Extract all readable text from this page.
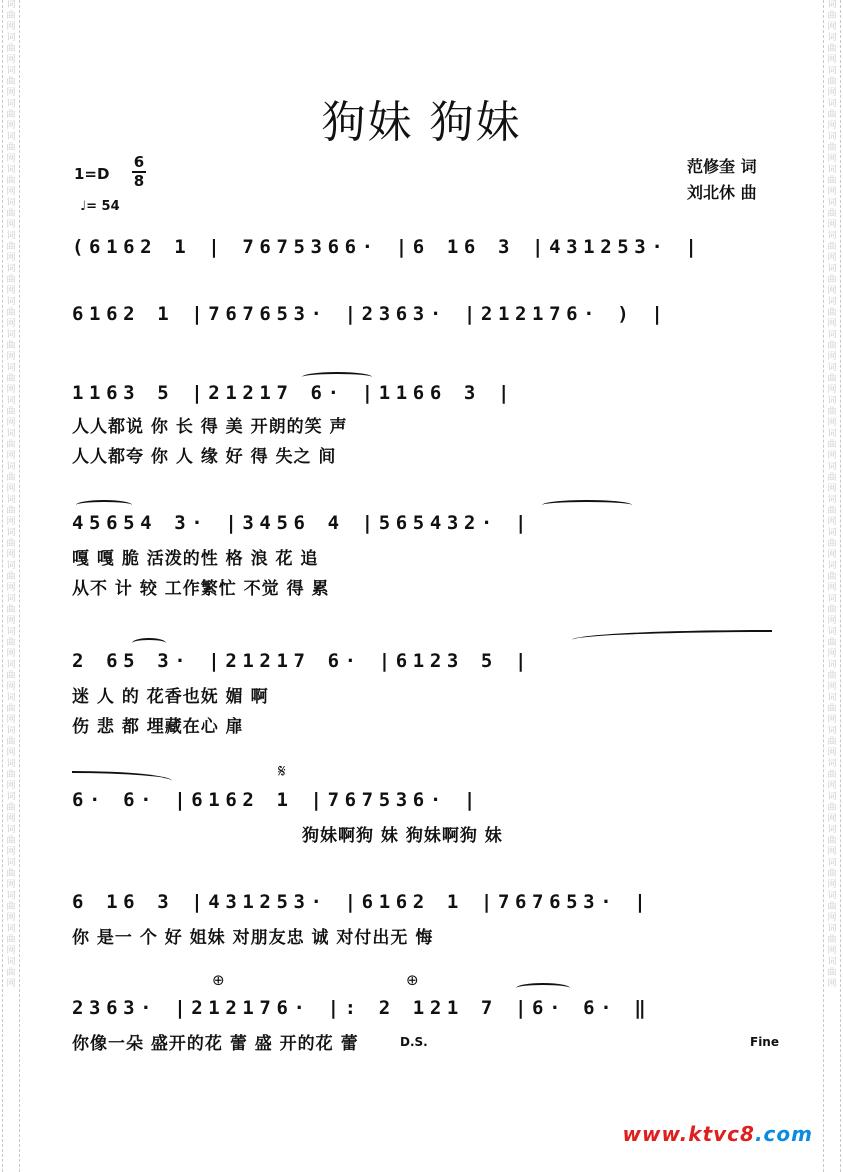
词曲网词曲网词曲网词曲网词曲网词曲网词曲网词曲网词曲网词曲网词曲网词曲网词曲网词曲网词曲网词曲网词曲网词曲网词曲网词曲网词曲网词曲网词曲网词曲网词曲网词曲网词曲网词曲网词曲网词曲网
词曲网词曲网词曲网词曲网词曲网词曲网词曲网词曲网词曲网词曲网词曲网词曲网词曲网词曲网词曲网词曲网词曲网词曲网词曲网词曲网词曲网词曲网词曲网词曲网词曲网词曲网词曲网词曲网词曲网词曲网
狗妹 狗妹
1=D
6
8
♩= 54
范修奎 词
刘北休 曲
(6162 1 | 7675366· |6 16 3 |431253· |
6162 1 |767653· |2363· |212176· ) |
1163 5 |21217 6· |1166 3 |
人人都说 你 长 得 美 开朗的笑 声
人人都夸 你 人 缘 好 得 失之 间
45654 3· |3456 4 |565432· |
嘎 嘎 脆 活泼的性 格 浪 花 追
从不 计 较 工作繁忙 不觉 得 累
2 65 3· |21217 6· |6123 5 |
迷 人 的 花香也妩 媚 啊
伤 悲 都 埋藏在心 扉
𝄋
6· 6· |6162 1 |767536· |
狗妹啊狗 妹 狗妹啊狗 妹
6 16 3 |431253· |6162 1 |767653· |
你 是一 个 好 姐妹 对朋友忠 诚 对付出无 悔
⊕	⊕
2363· |212176· |: 2 121 7 |6· 6· ‖
你像一朵 盛开的花 蕾 盛 开的花 蕾	D.S.	Fine
www.ktvc8.com
